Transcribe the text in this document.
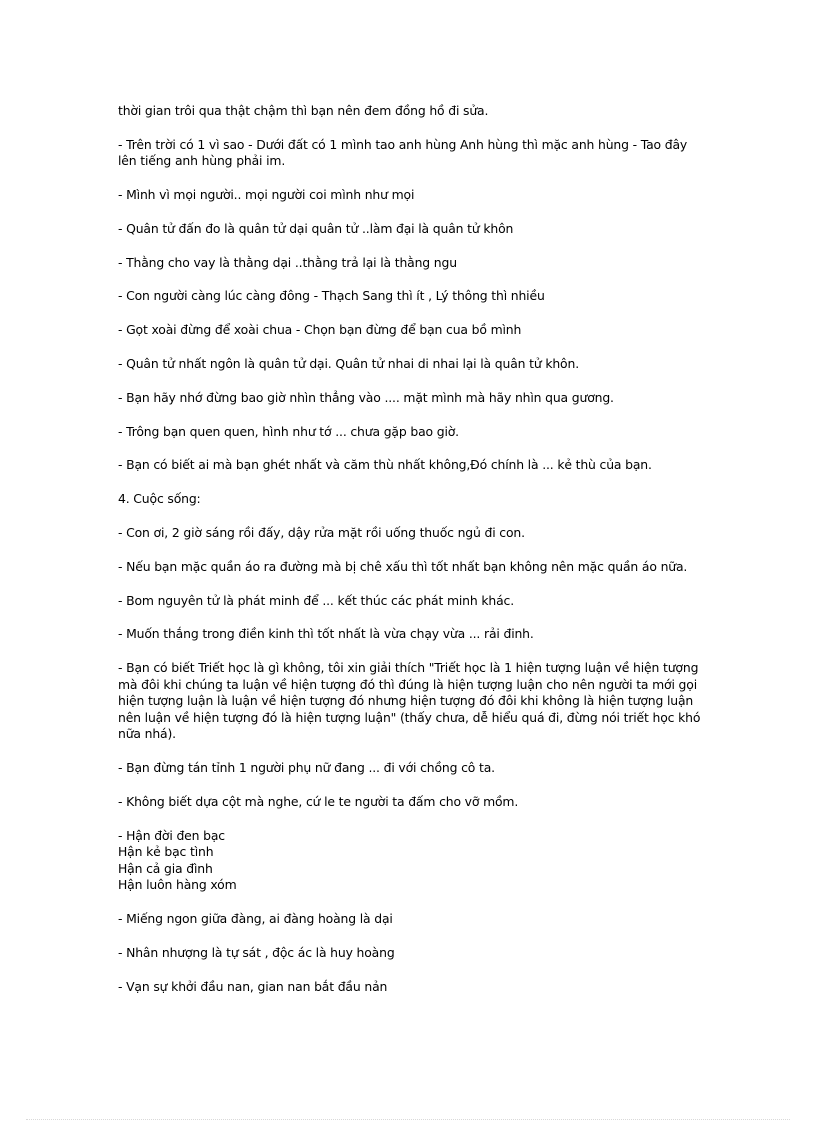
thời gian trôi qua thật chậm thì bạn nên đem đồng hồ đi sửa.
- Trên trời có 1 vì sao - Dưới đất có 1 mình tao anh hùng Anh hùng thì mặc anh hùng - Tao đây
lên tiếng anh hùng phải im.
- Mình vì mọi người.. mọi người coi mình như mọi
- Quân tử đấn đo là quân tử dại quân tử ..làm đại là quân tử khôn
- Thằng cho vay là thằng dại ..thằng trả lại là thằng ngu
- Con người càng lúc càng đông - Thạch Sang thì ít , Lý thông thì nhiều
- Gọt xoài đừng để xoài chua - Chọn bạn đừng để bạn cua bồ mình
- Quân tử nhất ngôn là quân tử dại. Quân tử nhai di nhai lại là quân tử khôn.
- Bạn hãy nhớ đừng bao giờ nhìn thẳng vào .... mặt mình mà hãy nhìn qua gương.
- Trông bạn quen quen, hình như tớ ... chưa gặp bao giờ.
- Bạn có biết ai mà bạn ghét nhất và căm thù nhất không,Đó chính là ... kẻ thù của bạn.
4. Cuộc sống:
- Con ơi, 2 giờ sáng rồi đấy, dậy rửa mặt rồi uống thuốc ngủ đi con.
- Nếu bạn mặc quần áo ra đường mà bị chê xấu thì tốt nhất bạn không nên mặc quần áo nữa.
- Bom nguyên tử là phát minh để ... kết thúc các phát minh khác.
- Muốn thắng trong điền kinh thì tốt nhất là vừa chạy vừa ... rải đinh.
- Bạn có biết Triết học là gì không, tôi xin giải thích "Triết học là 1 hiện tượng luận về hiện tượng
mà đôi khi chúng ta luận về hiện tượng đó thì đúng là hiện tượng luận cho nên người ta mới gọi
hiện tượng luận là luận về hiện tượng đó nhưng hiện tượng đó đôi khi không là hiện tượng luận
nên luận về hiện tượng đó là hiện tượng luận" (thấy chưa, dễ hiểu quá đi, đừng nói triết học khó
nữa nhá).
- Bạn đừng tán tỉnh 1 người phụ nữ đang ... đi với chồng cô ta.
- Không biết dựa cột mà nghe, cứ le te người ta đấm cho vỡ mồm.
- Hận đời đen bạc
Hận kẻ bạc tình
Hận cả gia đình
Hận luôn hàng xóm
- Miếng ngon giữa đàng, ai đàng hoàng là dại
- Nhân nhượng là tự sát , độc ác là huy hoàng
- Vạn sự khởi đầu nan, gian nan bắt đầu nản
